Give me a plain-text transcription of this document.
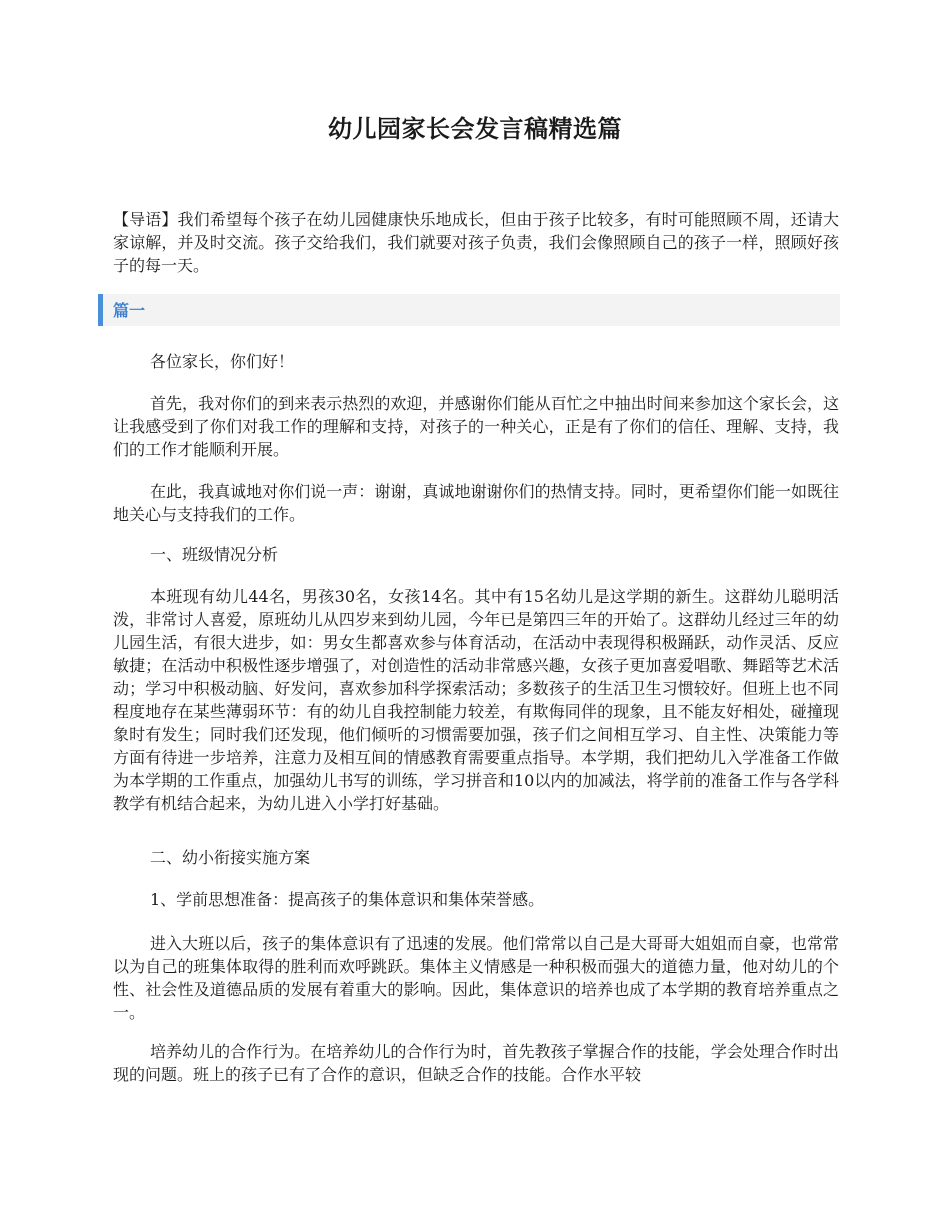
幼儿园家长会发言稿精选篇

【导语】我们希望每个孩子在幼儿园健康快乐地成长，但由于孩子比较多，有时可能照顾不周，还请大家谅解，并及时交流。孩子交给我们，我们就要对孩子负责，我们会像照顾自己的孩子一样，照顾好孩子的每一天。

篇一

各位家长，你们好！

首先，我对你们的到来表示热烈的欢迎，并感谢你们能从百忙之中抽出时间来参加这个家长会，这让我感受到了你们对我工作的理解和支持，对孩子的一种关心，正是有了你们的信任、理解、支持，我们的工作才能顺利开展。

在此，我真诚地对你们说一声：谢谢，真诚地谢谢你们的热情支持。同时，更希望你们能一如既往地关心与支持我们的工作。

一、班级情况分析

本班现有幼儿44名，男孩30名，女孩14名。其中有15名幼儿是这学期的新生。这群幼儿聪明活泼，非常讨人喜爱，原班幼儿从四岁来到幼儿园，今年已是第四三年的开始了。这群幼儿经过三年的幼儿园生活，有很大进步，如：男女生都喜欢参与体育活动，在活动中表现得积极踊跃，动作灵活、反应敏捷；在活动中积极性逐步增强了，对创造性的活动非常感兴趣，女孩子更加喜爱唱歌、舞蹈等艺术活动；学习中积极动脑、好发问，喜欢参加科学探索活动；多数孩子的生活卫生习惯较好。但班上也不同程度地存在某些薄弱环节：有的幼儿自我控制能力较差，有欺侮同伴的现象，且不能友好相处，碰撞现象时有发生；同时我们还发现，他们倾听的习惯需要加强，孩子们之间相互学习、自主性、决策能力等方面有待进一步培养，注意力及相互间的情感教育需要重点指导。本学期，我们把幼儿入学准备工作做为本学期的工作重点，加强幼儿书写的训练，学习拼音和10以内的加减法，将学前的准备工作与各学科教学有机结合起来，为幼儿进入小学打好基础。

二、幼小衔接实施方案

1、学前思想准备：提高孩子的集体意识和集体荣誉感。

进入大班以后，孩子的集体意识有了迅速的发展。他们常常以自己是大哥哥大姐姐而自豪，也常常以为自己的班集体取得的胜利而欢呼跳跃。集体主义情感是一种积极而强大的道德力量，他对幼儿的个性、社会性及道德品质的发展有着重大的影响。因此，集体意识的培养也成了本学期的教育培养重点之一。

培养幼儿的合作行为。在培养幼儿的合作行为时，首先教孩子掌握合作的技能，学会处理合作时出现的问题。班上的孩子已有了合作的意识，但缺乏合作的技能。合作水平较
